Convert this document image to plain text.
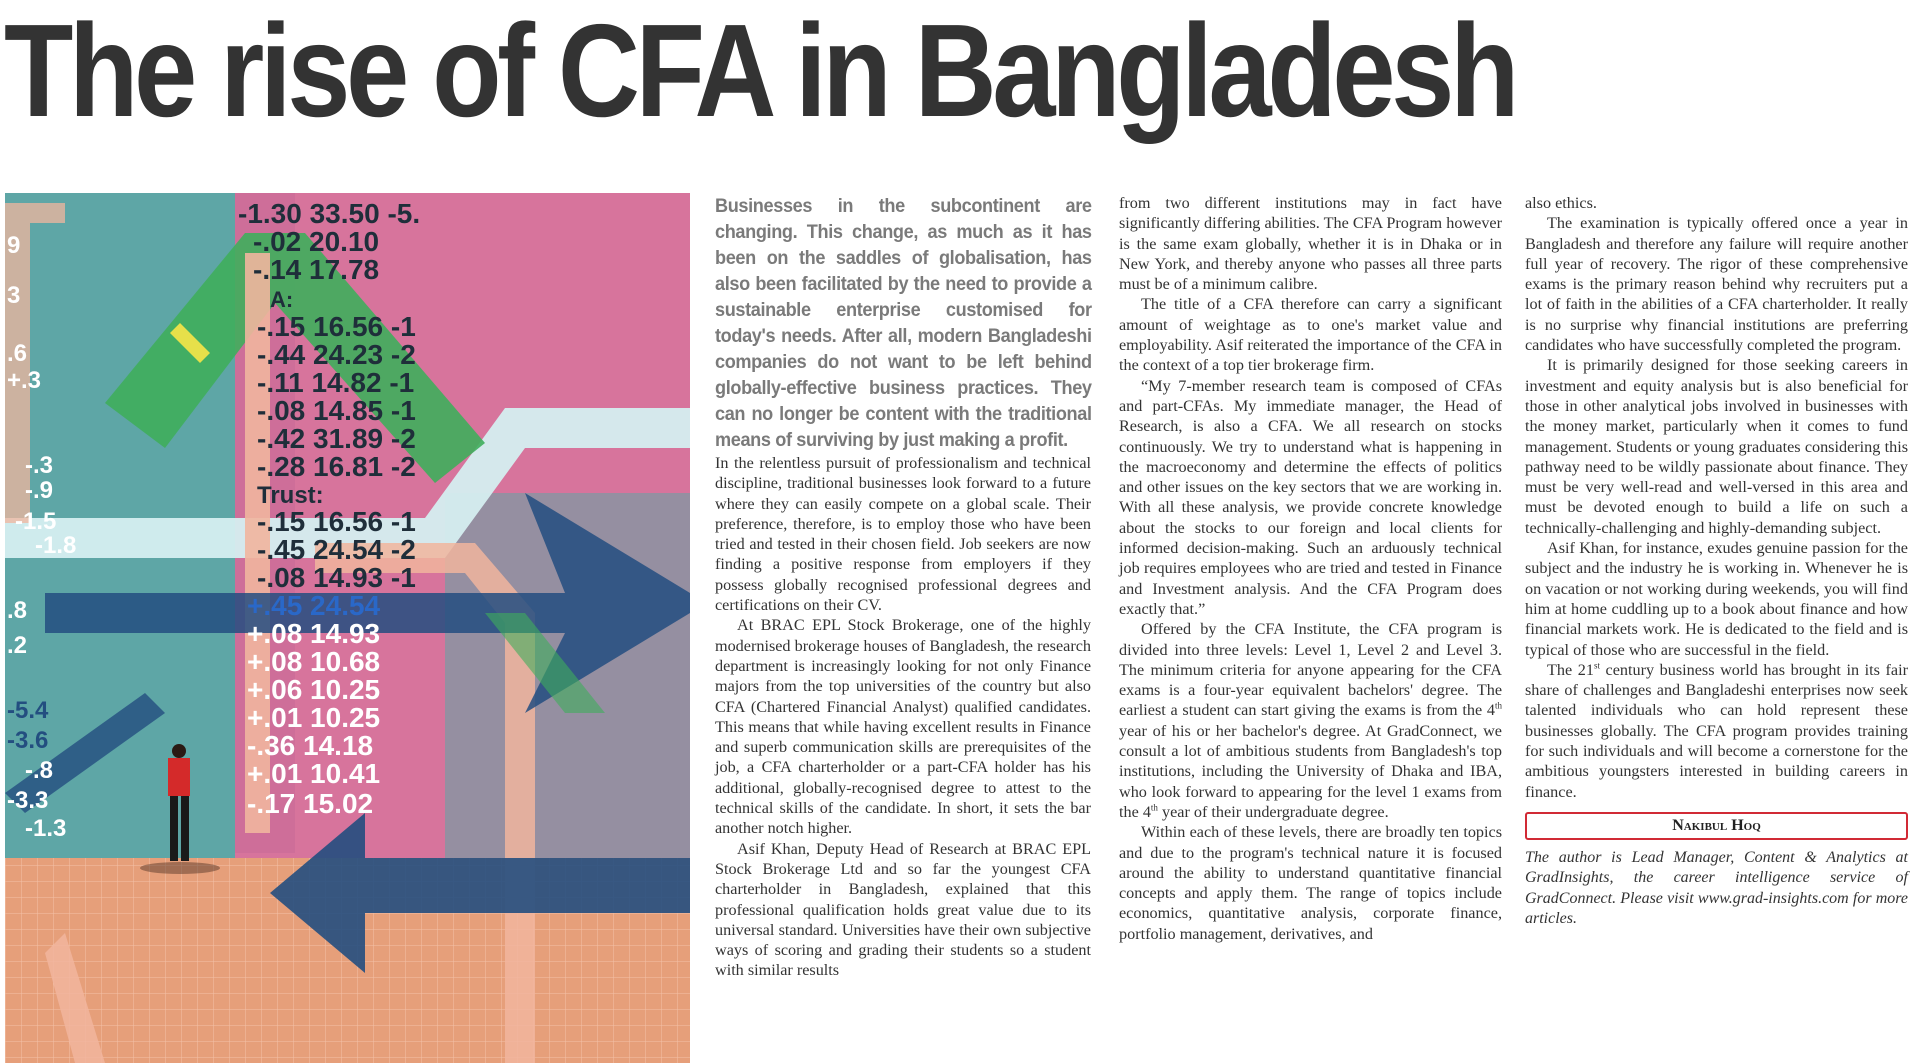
The rise of CFA in Bangladesh
-1.30 33.50 -5.
-.02 20.10
-.14 17.78
A:
-.15 16.56 -1
-.44 24.23 -2
-.11 14.82 -1
-.08 14.85 -1
-.42 31.89 -2
-.28 16.81 -2
Trust:
-.15 16.56 -1
-.45 24.54 -2
-.08 14.93 -1
+.45 24.54
+.08 14.93
+.08 10.68
+.06 10.25
+.01 10.25
-.36 14.18
+.01 10.41
-.17 15.02
9
3
.6
+.3
-.3
-.9
-1.5
-1.8
.8
.2
-5.4
-3.6
-.8
-3.3
-1.3

Businesses in the subcontinent are changing. This change, as much as it has been on the saddles of globalisation, has also been facilitated by the need to provide a sustainable enterprise customised for today's needs. After all, modern Bangladeshi companies do not want to be left behind globally-effective business practices. They can no longer be content with the traditional means of surviving by just making a profit.

In the relentless pursuit of professionalism and technical discipline, traditional businesses look forward to a future where they can easily compete on a global scale. Their preference, therefore, is to employ those who have been tried and tested in their chosen field. Job seekers are now finding a positive response from employers if they possess globally recognised professional degrees and certifications on their CV.

At BRAC EPL Stock Brokerage, one of the highly modernised brokerage houses of Bangladesh, the research department is increasingly looking for not only Finance majors from the top universities of the country but also CFA (Chartered Financial Analyst) qualified candidates. This means that while having excellent results in Finance and superb communication skills are prerequisites of the job, a CFA charterholder or a part-CFA holder has his additional, globally-recognised degree to attest to the technical skills of the candidate. In short, it sets the bar another notch higher.

Asif Khan, Deputy Head of Research at BRAC EPL Stock Brokerage Ltd and so far the youngest CFA charterholder in Bangladesh, explained that this professional qualification holds great value due to its universal standard. Universities have their own subjective ways of scoring and grading their students so a student with similar results

from two different institutions may in fact have significantly differing abilities. The CFA Program however is the same exam globally, whether it is in Dhaka or in New York, and thereby anyone who passes all three parts must be of a minimum calibre.

The title of a CFA therefore can carry a significant amount of weightage as to one's market value and employability. Asif reiterated the importance of the CFA in the context of a top tier brokerage firm.

“My 7-member research team is composed of CFAs and part-CFAs. My immediate manager, the Head of Research, is also a CFA. We all research on stocks continuously. We try to understand what is happening in the macroeconomy and determine the effects of politics and other issues on the key sectors that we are working in. With all these analysis, we provide concrete knowledge about the stocks to our foreign and local clients for informed decision-making. Such an arduously technical job requires employees who are tried and tested in Finance and Investment analysis. And the CFA Program does exactly that.”

Offered by the CFA Institute, the CFA program is divided into three levels: Level 1, Level 2 and Level 3. The minimum criteria for anyone appearing for the CFA exams is a four-year equivalent bachelors' degree. The earliest a student can start giving the exams is from the 4th year of his or her bachelor's degree. At GradConnect, we consult a lot of ambitious students from Bangladesh's top institutions, including the University of Dhaka and IBA, who look forward to appearing for the level 1 exams from the 4th year of their undergraduate degree.

Within each of these levels, there are broadly ten topics and due to the program's technical nature it is focused around the ability to understand quantitative financial concepts and apply them. The range of topics include economics, quantitative analysis, corporate finance, portfolio management, derivatives, and

also ethics.

The examination is typically offered once a year in Bangladesh and therefore any failure will require another full year of recovery. The rigor of these comprehensive exams is the primary reason behind why recruiters put a lot of faith in the abilities of a CFA charterholder. It really is no surprise why financial institutions are preferring candidates who have successfully completed the program.

It is primarily designed for those seeking careers in investment and equity analysis but is also beneficial for those in other analytical jobs involved in businesses with the money market, particularly when it comes to fund management. Students or young graduates considering this pathway need to be wildly passionate about finance. They must be very well-read and well-versed in this area and must be devoted enough to build a life on such a technically-challenging and highly-demanding subject.

Asif Khan, for instance, exudes genuine passion for the subject and the industry he is working in. Whenever he is on vacation or not working during weekends, you will find him at home cuddling up to a book about finance and how financial markets work. He is dedicated to the field and is typical of those who are successful in the field.

The 21st century business world has brought in its fair share of challenges and Bangladeshi enterprises now seek talented individuals who can hold represent these businesses globally. The CFA program provides training for such individuals and will become a cornerstone for the ambitious youngsters interested in building careers in finance.

Nakibul Hoq

The author is Lead Manager, Content & Analytics at GradInsights, the career intelligence service of GradConnect. Please visit www.grad-insights.com for more articles.
